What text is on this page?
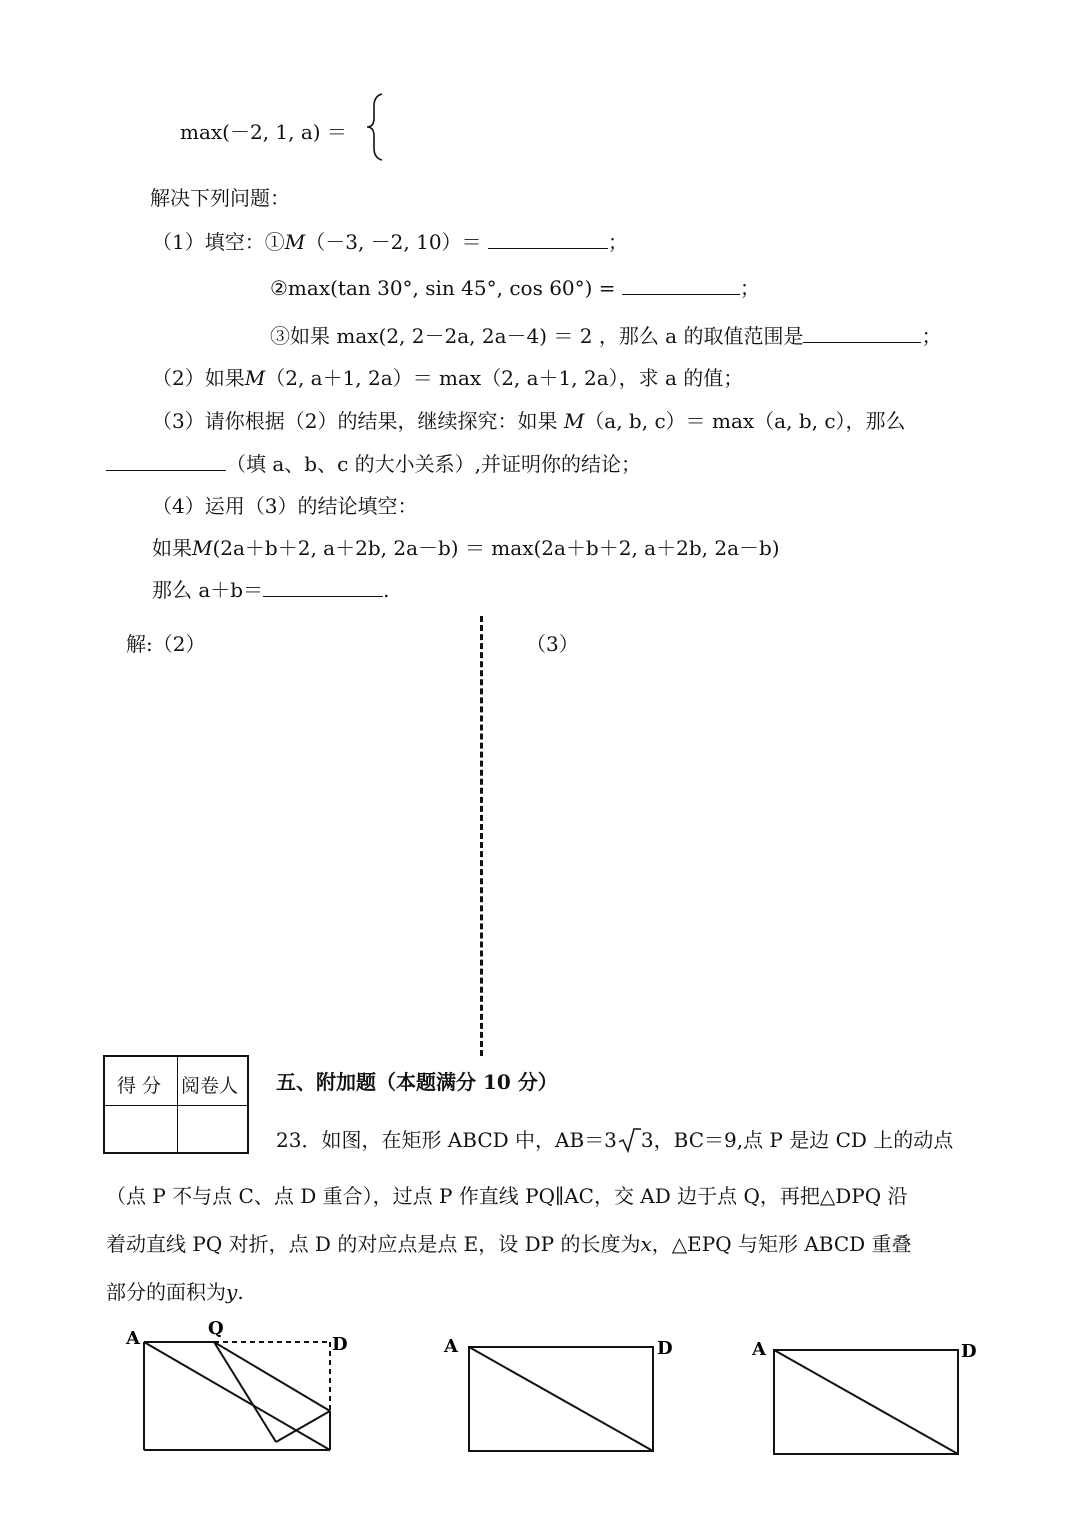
max(－2, 1, a) ＝
解决下列问题：
（1）填空：①M（－3, －2, 10）＝	；
②max(tan 30°, sin 45°, cos 60°) =	；
③如果 max(2, 2－2a, 2a－4) ＝ 2 ，那么 a 的取值范围是	；
（2）如果M（2, a＋1, 2a）＝ max（2, a＋1, 2a），求 a 的值；
（3）请你根据（2）的结果，继续探究：如果 M（a, b, c）＝ max（a, b, c），那么
（填 a、b、c 的大小关系）,并证明你的结论；
（4）运用（3）的结论填空：
如果M(2a＋b＋2, a＋2b, 2a－b) ＝ max(2a＋b＋2, a＋2b, 2a－b)
那么 a＋b＝	.
解:（2）	（3）
得 分 阅卷人 五、附加题（本题满分 10 分）
23．如图，在矩形 ABCD 中，AB＝3 3，BC＝9,点 P 是边 CD 上的动点
（点 P 不与点 C、点 D 重合），过点 P 作直线 PQ∥AC，交 AD 边于点 Q，再把△DPQ 沿
着动直线 PQ 对折，点 D 的对应点是点 E，设 DP 的长度为x，△EPQ 与矩形 ABCD 重叠
部分的面积为y.
A	Q
D	A	D	A	D
